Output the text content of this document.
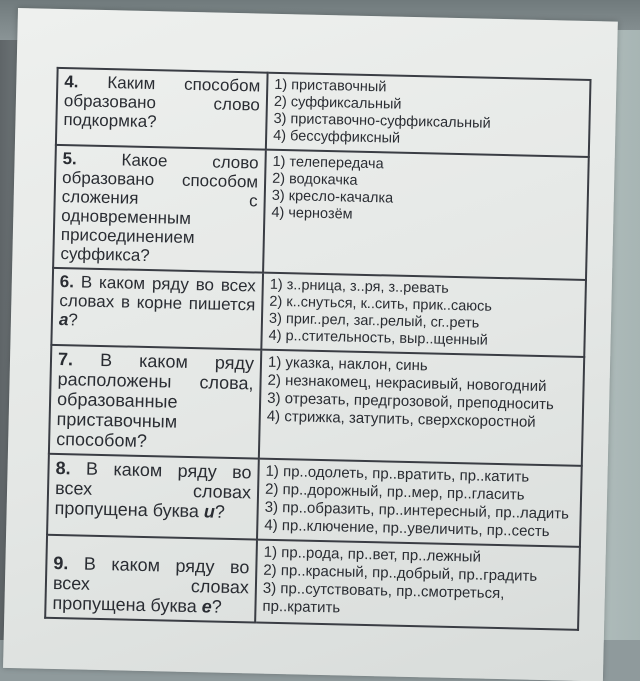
4. Каким способом образовано слово подкормка?	1) приставочный
2) суффиксальный
3) приставочно-суффиксальный
4) бессуффиксный

5. Какое слово образовано способом сложения с одновременным присоединением суффикса?	1) телепередача
2) водокачка
3) кресло-качалка
4) чернозём

6. В каком ряду во всех словах в корне пишется а?	1) з..рница, з..ря, з..ревать
2) к..снуться, к..сить, прик..саюсь
3) приг..рел, заг..релый, сг..реть
4) р..стительность, выр..щенный

7. В каком ряду расположены слова, образованные приставочным способом?	1) указка, наклон, синь
2) незнакомец, некрасивый, новогодний
3) отрезать, предгрозовой, преподносить
4) стрижка, затупить, сверхскоростной

8. В каком ряду во всех словах пропущена буква и?	1) пр..одолеть, пр..вратить, пр..катить
2) пр..дорожный, пр..мер, пр..гласить
3) пр..образить, пр..интересный, пр..ладить
4) пр..ключение, пр..увеличить, пр..сесть

9. В каком ряду во всех словах пропущена буква е?	1) пр..рода, пр..вет, пр..лежный
2) пр..красный, пр..добрый, пр..градить
3) пр..сутствовать, пр..смотреться, пр..кратить
